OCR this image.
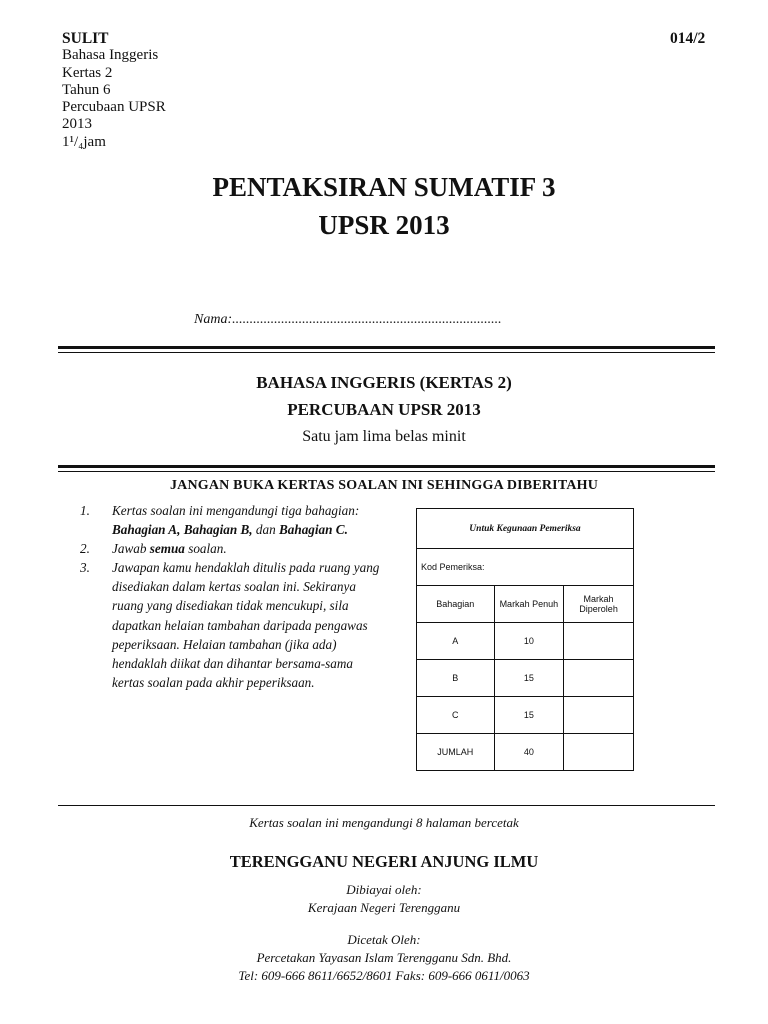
SULIT
Bahasa Inggeris
Kertas 2
Tahun 6
Percubaan UPSR
2013
1¹/₄jam
014/2
PENTAKSIRAN SUMATIF 3
UPSR 2013
Nama:.............................................................................
BAHASA INGGERIS (KERTAS 2)
PERCUBAAN UPSR 2013
Satu jam lima belas minit
JANGAN BUKA KERTAS SOALAN INI SEHINGGA DIBERITAHU
1.	Kertas soalan ini mengandungi tiga bahagian: Bahagian A, Bahagian B, dan Bahagian C.
2.	Jawab semua soalan.
3.	Jawapan kamu hendaklah ditulis pada ruang yang disediakan dalam kertas soalan ini. Sekiranya ruang yang disediakan tidak mencukupi, sila dapatkan helaian tambahan daripada pengawas peperiksaan. Helaian tambahan (jika ada) hendaklah diikat dan dihantar bersama-sama kertas soalan pada akhir peperiksaan.
Untuk Kegunaan Pemeriksa		
Kod Pemeriksa:		
Bahagian	Markah Penuh	Markah Diperoleh
A	10	
B	15	
C	15	
JUMLAH	40	
Kertas soalan ini mengandungi 8 halaman bercetak
TERENGGANU NEGERI ANJUNG ILMU
Dibiayai oleh:
Kerajaan Negeri Terengganu
Dicetak Oleh:
Percetakan Yayasan Islam Terengganu Sdn. Bhd.
Tel: 609-666 8611/6652/8601 Faks: 609-666 0611/0063
